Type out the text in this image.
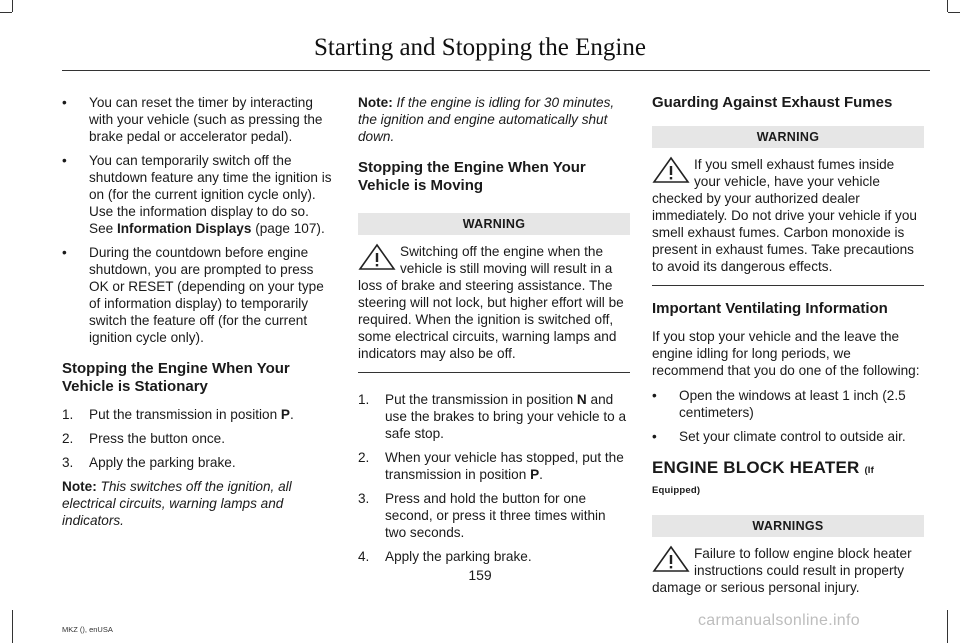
Starting and Stopping the Engine
•	You can reset the timer by interacting with your vehicle (such as pressing the brake pedal or accelerator pedal).
•	You can temporarily switch off the shutdown feature any time the ignition is on (for the current ignition cycle only). Use the information display to do so. See Information Displays (page 107).
•	During the countdown before engine shutdown, you are prompted to press OK or RESET (depending on your type of information display) to temporarily switch the feature off (for the current ignition cycle only).
Stopping the Engine When Your Vehicle is Stationary
1.	Put the transmission in position P.
2.	Press the button once.
3.	Apply the parking brake.
Note: This switches off the ignition, all electrical circuits, warning lamps and indicators.
Note: If the engine is idling for 30 minutes, the ignition and engine automatically shut down.
Stopping the Engine When Your Vehicle is Moving
WARNING
Switching off the engine when the vehicle is still moving will result in a loss of brake and steering assistance. The steering will not lock, but higher effort will be required. When the ignition is switched off, some electrical circuits, warning lamps and indicators may also be off.
1.	Put the transmission in position N and use the brakes to bring your vehicle to a safe stop.
2.	When your vehicle has stopped, put the transmission in position P.
3.	Press and hold the button for one second, or press it three times within two seconds.
4.	Apply the parking brake.
Guarding Against Exhaust Fumes
WARNING
If you smell exhaust fumes inside your vehicle, have your vehicle checked by your authorized dealer immediately. Do not drive your vehicle if you smell exhaust fumes. Carbon monoxide is present in exhaust fumes. Take precautions to avoid its dangerous effects.
Important Ventilating Information
If you stop your vehicle and the leave the engine idling for long periods, we recommend that you do one of the following:
•	Open the windows at least 1 inch (2.5 centimeters)
•	Set your climate control to outside air.
ENGINE BLOCK HEATER (If Equipped)
WARNINGS
Failure to follow engine block heater instructions could result in property damage or serious personal injury.
159
MKZ (), enUSA
carmanualsonline.info
